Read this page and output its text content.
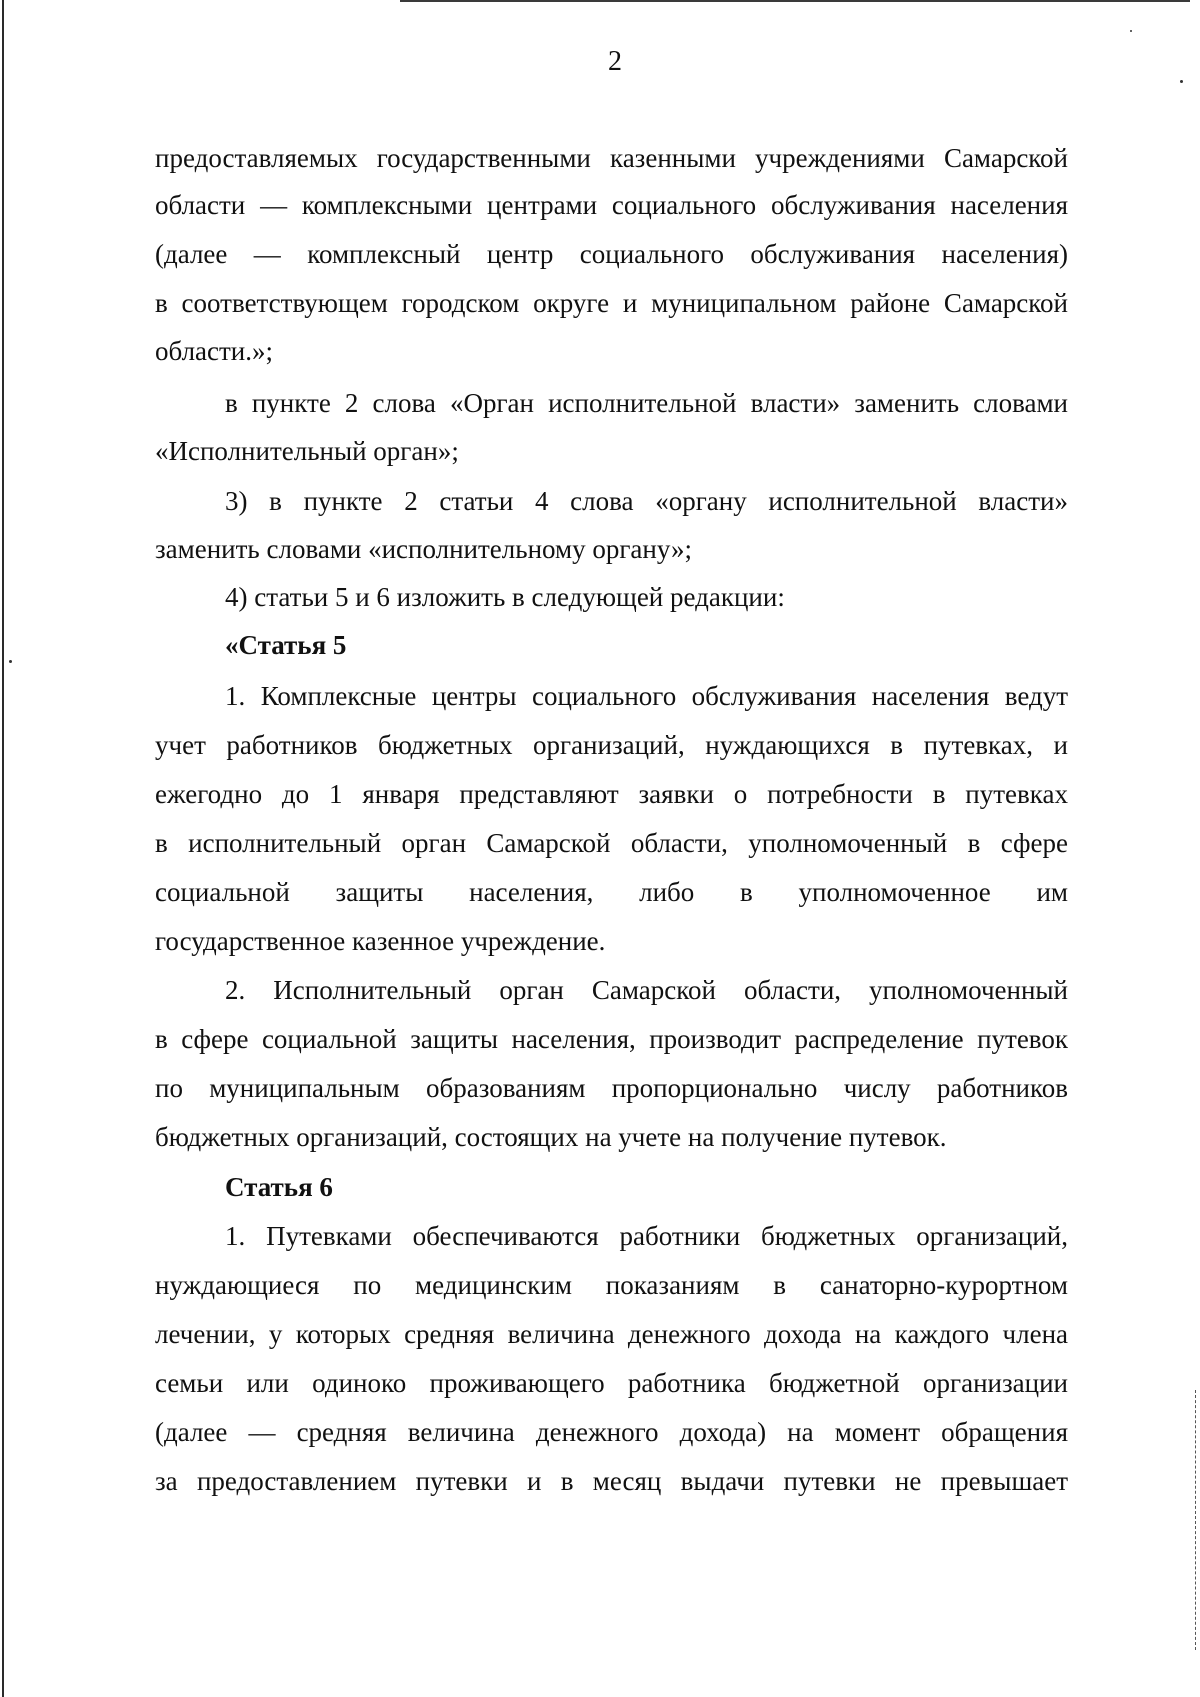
2
предоставляемых государственными казенными учреждениями Самарской
области — комплексными центрами социального обслуживания населения
(далее — комплексный центр социального обслуживания населения)
в соответствующем городском округе и муниципальном районе Самарской
области.»;
в пункте 2 слова «Орган исполнительной власти» заменить словами
«Исполнительный орган»;
3) в пункте 2 статьи 4 слова «органу исполнительной власти»
заменить словами «исполнительному органу»;
4) статьи 5 и 6 изложить в следующей редакции:
«Статья 5
1. Комплексные центры социального обслуживания населения ведут
учет работников бюджетных организаций, нуждающихся в путевках, и
ежегодно до 1 января представляют заявки о потребности в путевках
в исполнительный орган Самарской области, уполномоченный в сфере
социальной защиты населения, либо в уполномоченное им
государственное казенное учреждение.
2. Исполнительный орган Самарской области, уполномоченный
в сфере социальной защиты населения, производит распределение путевок
по муниципальным образованиям пропорционально числу работников
бюджетных организаций, состоящих на учете на получение путевок.
Статья 6
1. Путевками обеспечиваются работники бюджетных организаций,
нуждающиеся по медицинским показаниям в санаторно-курортном
лечении, у которых средняя величина денежного дохода на каждого члена
семьи или одиноко проживающего работника бюджетной организации
(далее — средняя величина денежного дохода) на момент обращения
за предоставлением путевки и в месяц выдачи путевки не превышает
